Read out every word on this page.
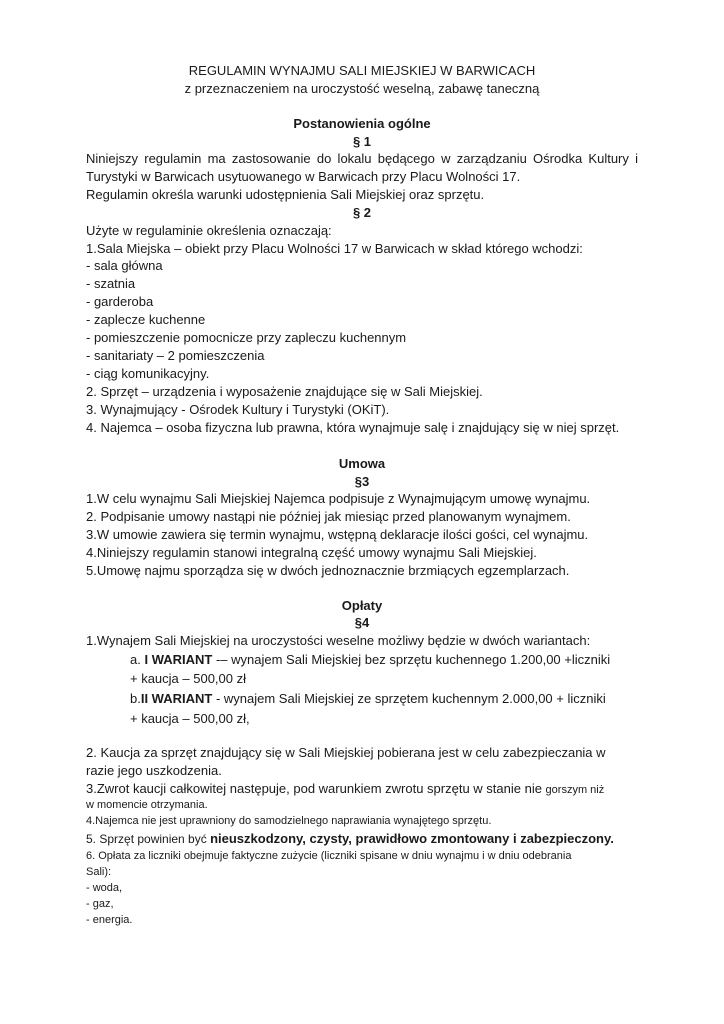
REGULAMIN WYNAJMU SALI MIEJSKIEJ W BARWICACH

z przeznaczeniem na uroczystość weselną, zabawę taneczną

Postanowienia ogólne

§ 1

Niniejszy regulamin ma zastosowanie do lokalu będącego w zarządzaniu Ośrodka Kultury i

Turystyki w Barwicach usytuowanego w Barwicach przy Placu Wolności 17.

Regulamin określa warunki udostępnienia Sali Miejskiej oraz sprzętu.

§ 2

Użyte w regulaminie określenia oznaczają:

1.Sala Miejska – obiekt przy Placu Wolności 17 w Barwicach w skład którego wchodzi:

- sala główna

- szatnia

- garderoba

- zaplecze kuchenne

- pomieszczenie pomocnicze przy zapleczu kuchennym

- sanitariaty – 2 pomieszczenia

- ciąg komunikacyjny.

2. Sprzęt – urządzenia i wyposażenie znajdujące się w Sali Miejskiej.

3. Wynajmujący - Ośrodek Kultury i Turystyki (OKiT).

4. Najemca – osoba fizyczna lub prawna, która wynajmuje salę i znajdujący się w niej sprzęt.

Umowa

§3

1.W celu wynajmu Sali Miejskiej Najemca podpisuje z Wynajmującym umowę wynajmu.

2. Podpisanie umowy nastąpi nie później jak miesiąc przed planowanym wynajmem.

3.W umowie zawiera się termin wynajmu, wstępną deklaracje ilości gości, cel wynajmu.

4.Niniejszy regulamin stanowi integralną część umowy wynajmu Sali Miejskiej.

5.Umowę najmu sporządza się w dwóch jednoznacznie brzmiących egzemplarzach.

Opłaty

§4

1.Wynajem Sali Miejskiej na uroczystości weselne możliwy będzie w dwóch wariantach:

a. I WARIANT -– wynajem Sali Miejskiej bez sprzętu kuchennego 1.200,00 +liczniki

+ kaucja – 500,00 zł

b.II WARIANT - wynajem Sali Miejskiej ze sprzętem kuchennym 2.000,00 + liczniki

+ kaucja – 500,00 zł,

2. Kaucja za sprzęt znajdujący się w Sali Miejskiej pobierana jest w celu zabezpieczania w

razie jego uszkodzenia.

3.Zwrot kaucji całkowitej następuje, pod warunkiem zwrotu sprzętu w stanie nie gorszym niż

w momencie otrzymania.

4.Najemca nie jest uprawniony do samodzielnego naprawiania wynajętego sprzętu.

5. Sprzęt powinien być nieuszkodzony, czysty, prawidłowo zmontowany i zabezpieczony.

6. Opłata za liczniki obejmuje faktyczne zużycie (liczniki spisane w dniu wynajmu i w dniu odebrania

Sali):

- woda,

- gaz,

- energia.
